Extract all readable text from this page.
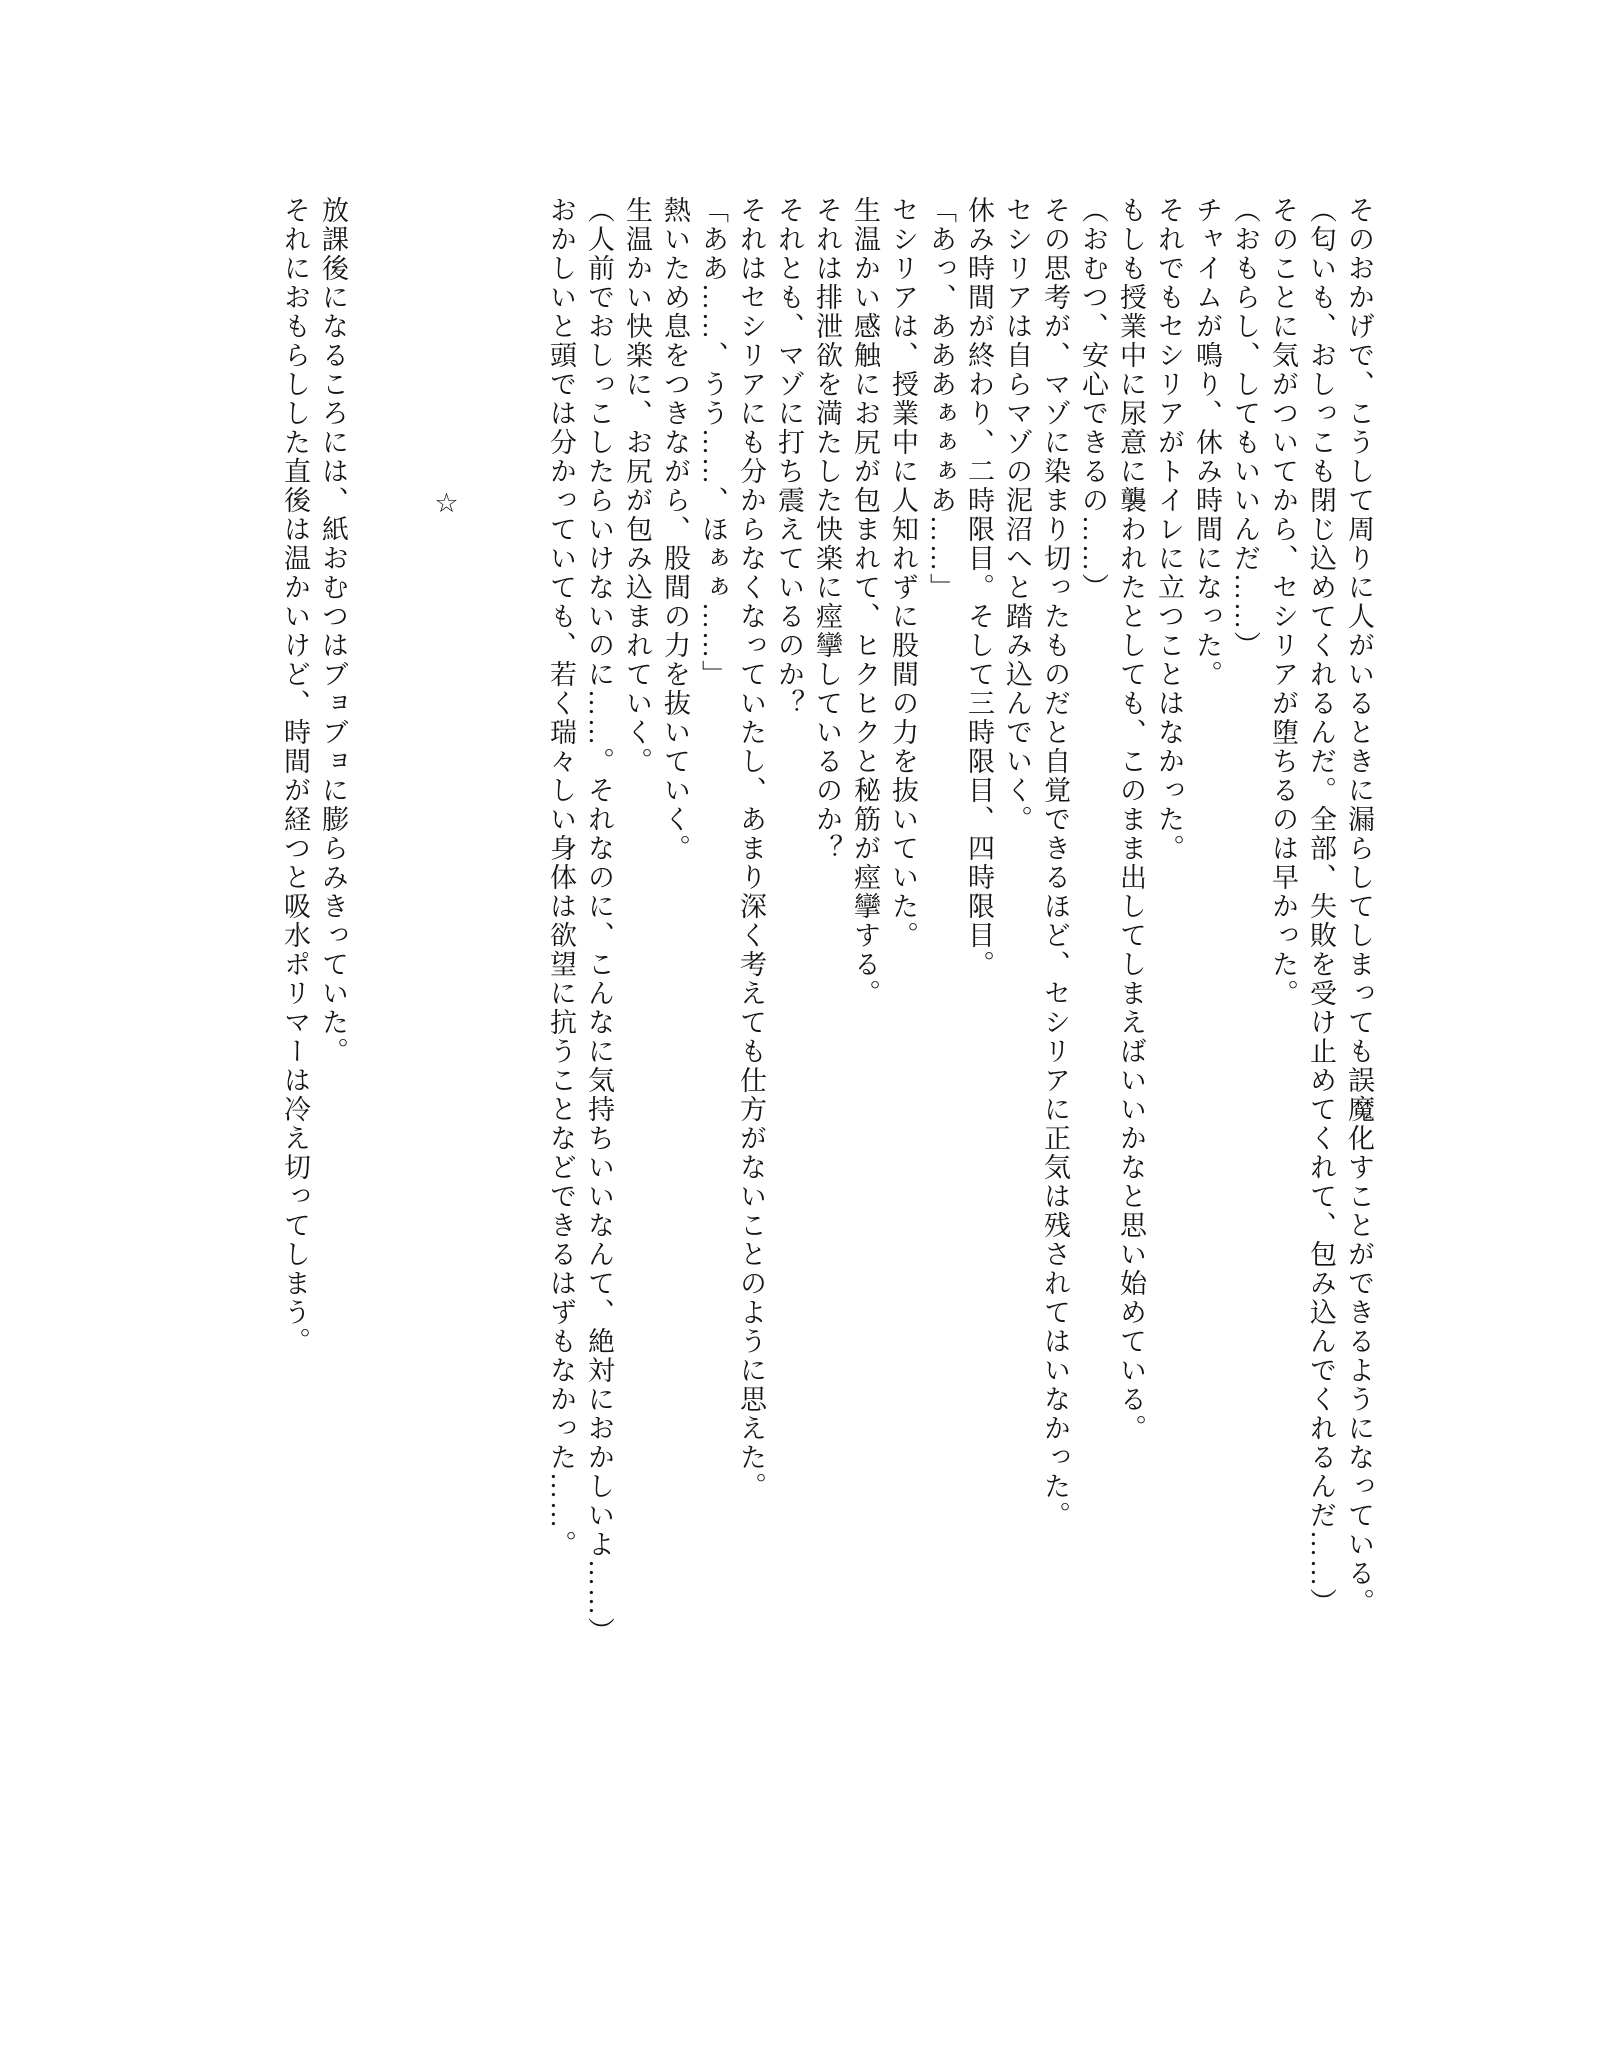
そのおかげで、こうして周りに人がいるときに漏らしてしまっても誤魔化すことができるようになっている。

（匂いも、おしっこも閉じ込めてくれるんだ。全部、失敗を受け止めてくれて、包み込んでくれるんだ……）

そのことに気がついてから、セシリアが堕ちるのは早かった。

（おもらし、してもいいんだ……）

チャイムが鳴り、休み時間になった。

それでもセシリアがトイレに立つことはなかった。

もしも授業中に尿意に襲われたとしても、このまま出してしまえばいいかなと思い始めている。

（おむつ、安心できるの……）

その思考が、マゾに染まり切ったものだと自覚できるほど、セシリアに正気は残されてはいなかった。

セシリアは自らマゾの泥沼へと踏み込んでいく。

休み時間が終わり、二時限目。そして三時限目、四時限目。

「あっ、あああぁぁぁあ……」

セシリアは、授業中に人知れずに股間の力を抜いていた。

生温かい感触にお尻が包まれて、ヒクヒクと秘筋が痙攣する。

それは排泄欲を満たした快楽に痙攣しているのか？

それとも、マゾに打ち震えているのか？

それはセシリアにも分からなくなっていたし、あまり深く考えても仕方がないことのように思えた。

「ああ……、うう……、ほぁぁ……」

熱いため息をつきながら、股間の力を抜いていく。

生温かい快楽に、お尻が包み込まれていく。

（人前でおしっこしたらいけないのに……。それなのに、こんなに気持ちいいなんて、絶対におかしいよ……）

おかしいと頭では分かっていても、若く瑞々しい身体は欲望に抗うことなどできるはずもなかった……。

☆

放課後になるころには、紙おむつはブョブョに膨らみきっていた。

それにおもらしした直後は温かいけど、時間が経つと吸水ポリマーは冷え切ってしまう。
